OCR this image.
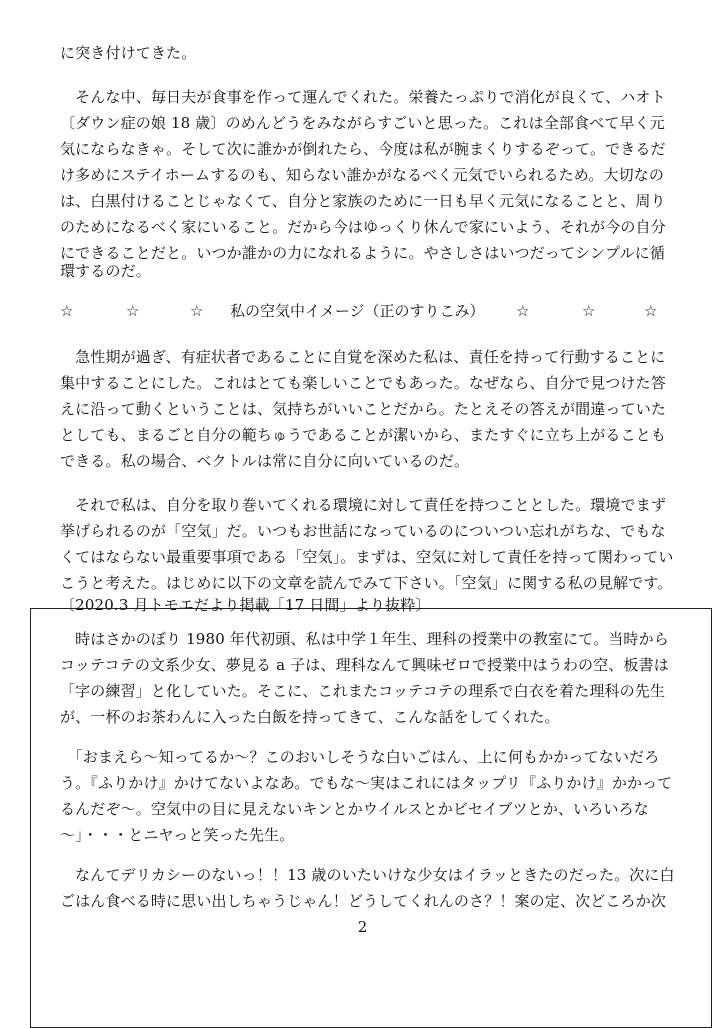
に突き付けてきた。
　そんな中、毎日夫が食事を作って運んでくれた。栄養たっぷりで消化が良くて、ハオト
〔ダウン症の娘 18 歳〕のめんどうをみながらすごいと思った。これは全部食べて早く元
気にならなきゃ。そして次に誰かが倒れたら、今度は私が腕まくりするぞって。できるだ
け多めにステイホームするのも、知らない誰かがなるべく元気でいられるため。大切なの
は、白黒付けることじゃなくて、自分と家族のために一日も早く元気になることと、周り
のためになるべく家にいること。だから今はゆっくり休んで家にいよう、それが今の自分
にできることだと。いつか誰かの力になれるように。やさしさはいつだってシンプルに循
環するのだ。
☆	☆	☆ 私の空気中イメージ（正のすりこみ） ☆	☆	☆
　急性期が過ぎ、有症状者であることに自覚を深めた私は、責任を持って行動することに
集中することにした。これはとても楽しいことでもあった。なぜなら、自分で見つけた答
えに沿って動くということは、気持ちがいいことだから。たとえその答えが間違っていた
としても、まるごと自分の範ちゅうであることが潔いから、またすぐに立ち上がることも
できる。私の場合、ベクトルは常に自分に向いているのだ。
　それで私は、自分を取り巻いてくれる環境に対して責任を持つこととした。環境でまず
挙げられるのが「空気」だ。いつもお世話になっているのについつい忘れがちな、でもな
くてはならない最重要事項である「空気」。まずは、空気に対して責任を持って関わってい
こうと考えた。はじめに以下の文章を読んでみて下さい。「空気」に関する私の見解です。
〔2020.3 月トモエだより掲載「17 日間」より抜粋〕
　時はさかのぼり 1980 年代初頭、私は中学１年生、理科の授業中の教室にて。当時から
コッテコテの文系少女、夢見る a 子は、理科なんて興味ゼロで授業中はうわの空、板書は
「字の練習」と化していた。そこに、これまたコッテコテの理系で白衣を着た理科の先生
が、一杯のお茶わんに入った白飯を持ってきて、こんな話をしてくれた。
　「おまえら～知ってるか～？このおいしそうな白いごはん、上に何もかかってないだろ
う。『ふりかけ』かけてないよなあ。でもな～実はこれにはタップリ『ふりかけ』かかって
るんだぞ～。空気中の目に見えないキンとかウイルスとかビセイブツとか、いろいろな
～」・・・とニヤっと笑った先生。
　なんてデリカシーのないっ！！13 歳のいたいけな少女はイラッときたのだった。次に白
ごはん食べる時に思い出しちゃうじゃん！どうしてくれんのさ？！案の定、次どころか次
2
